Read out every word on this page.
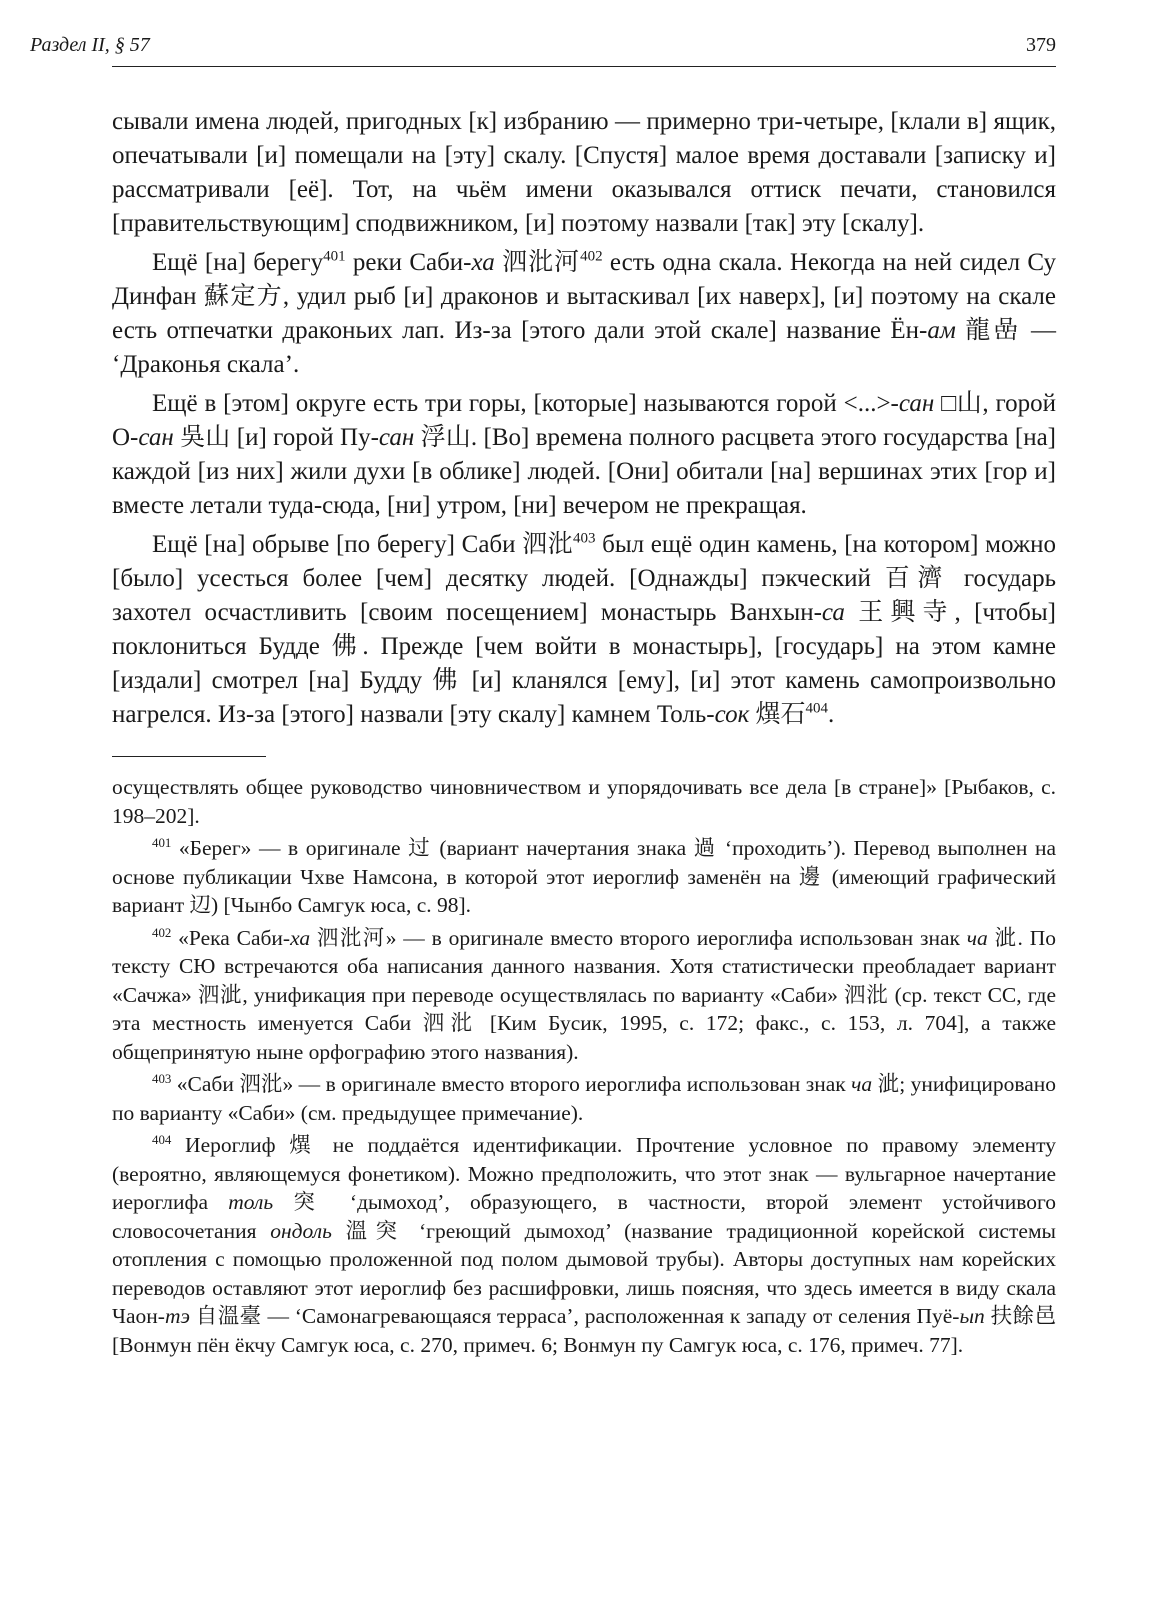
Раздел II, § 57	379

сывали имена людей, пригодных [к] избранию — примерно три-четыре, [клали в] ящик, опечатывали [и] помещали на [эту] скалу. [Спустя] малое время доставали [записку и] рассматривали [её]. Тот, на чьём имени оказывался оттиск печати, становился [правительствующим] сподвижником, [и] поэтому назвали [так] эту [скалу].

Ещё [на] берегу$^{401}$ реки Саби-ха 泗沘河$^{402}$ есть одна скала. Некогда на ней сидел Су Динфан 蘇定方, удил рыб [и] драконов и вытаскивал [их наверх], [и] поэтому на скале есть отпечатки драконьих лап. Из-за [этого дали этой скале] название Ён-ам 龍嵒 — ‘Драконья скала’.

Ещё в [этом] округе есть три горы, [которые] называются горой <...>-сан □山, горой О-сан 吳山 [и] горой Пу-сан 浮山. [Во] времена полного расцвета этого государства [на] каждой [из них] жили духи [в облике] людей. [Они] обитали [на] вершинах этих [гор и] вместе летали туда-сюда, [ни] утром, [ни] вечером не прекращая.

Ещё [на] обрыве [по берегу] Саби 泗沘$^{403}$ был ещё один камень, [на котором] можно [было] усесться более [чем] десятку людей. [Однажды] пэкческий 百濟 государь захотел осчастливить [своим посещением] монастырь Ванхын-са 王興寺, [чтобы] поклониться Будде 佛. Прежде [чем войти в монастырь], [государь] на этом камне [издали] смотрел [на] Будду 佛 [и] кланялся [ему], [и] этот камень самопроизвольно нагрелся. Из-за [этого] назвали [эту скалу] камнем Толь-сок 熼石$^{404}$.

осуществлять общее руководство чиновничеством и упорядочивать все дела [в стране]» [Рыбаков, с. 198–202].

$^{401}$ «Берег» — в оригинале 过 (вариант начертания знака 過 ‘проходить’). Перевод выполнен на основе публикации Чхве Намсона, в которой этот иероглиф заменён на 邊 (имеющий графический вариант 辺) [Чынбо Самгук юса, с. 98].

$^{402}$ «Река Саби-ха 泗沘河» — в оригинале вместо второго иероглифа использован знак ча 泚. По тексту СЮ встречаются оба написания данного названия. Хотя статистически преобладает вариант «Сачжа» 泗泚, унификация при переводе осуществлялась по варианту «Саби» 泗沘 (ср. текст СС, где эта местность именуется Саби 泗沘 [Ким Бусик, 1995, с. 172; факс., с. 153, л. 704], а также общепринятую ныне орфографию этого названия).

$^{403}$ «Саби 泗沘» — в оригинале вместо второго иероглифа использован знак ча 泚; унифицировано по варианту «Саби» (см. предыдущее примечание).

$^{404}$ Иероглиф 熼 не поддаётся идентификации. Прочтение условное по правому элементу (вероятно, являющемуся фонетиком). Можно предположить, что этот знак — вульгарное начертание иероглифа толь 突 ‘дымоход’, образующего, в частности, второй элемент устойчивого словосочетания ондоль 溫突 ‘греющий дымоход’ (название традиционной корейской системы отопления с помощью проложенной под полом дымовой трубы). Авторы доступных нам корейских переводов оставляют этот иероглиф без расшифровки, лишь поясняя, что здесь имеется в виду скала Чаон-тэ 自溫臺 — ‘Самонагревающаяся терраса’, расположенная к западу от селения Пуё-ып 扶餘邑 [Вонмун пён ёкчу Самгук юса, с. 270, примеч. 6; Вонмун пу Самгук юса, с. 176, примеч. 77].
